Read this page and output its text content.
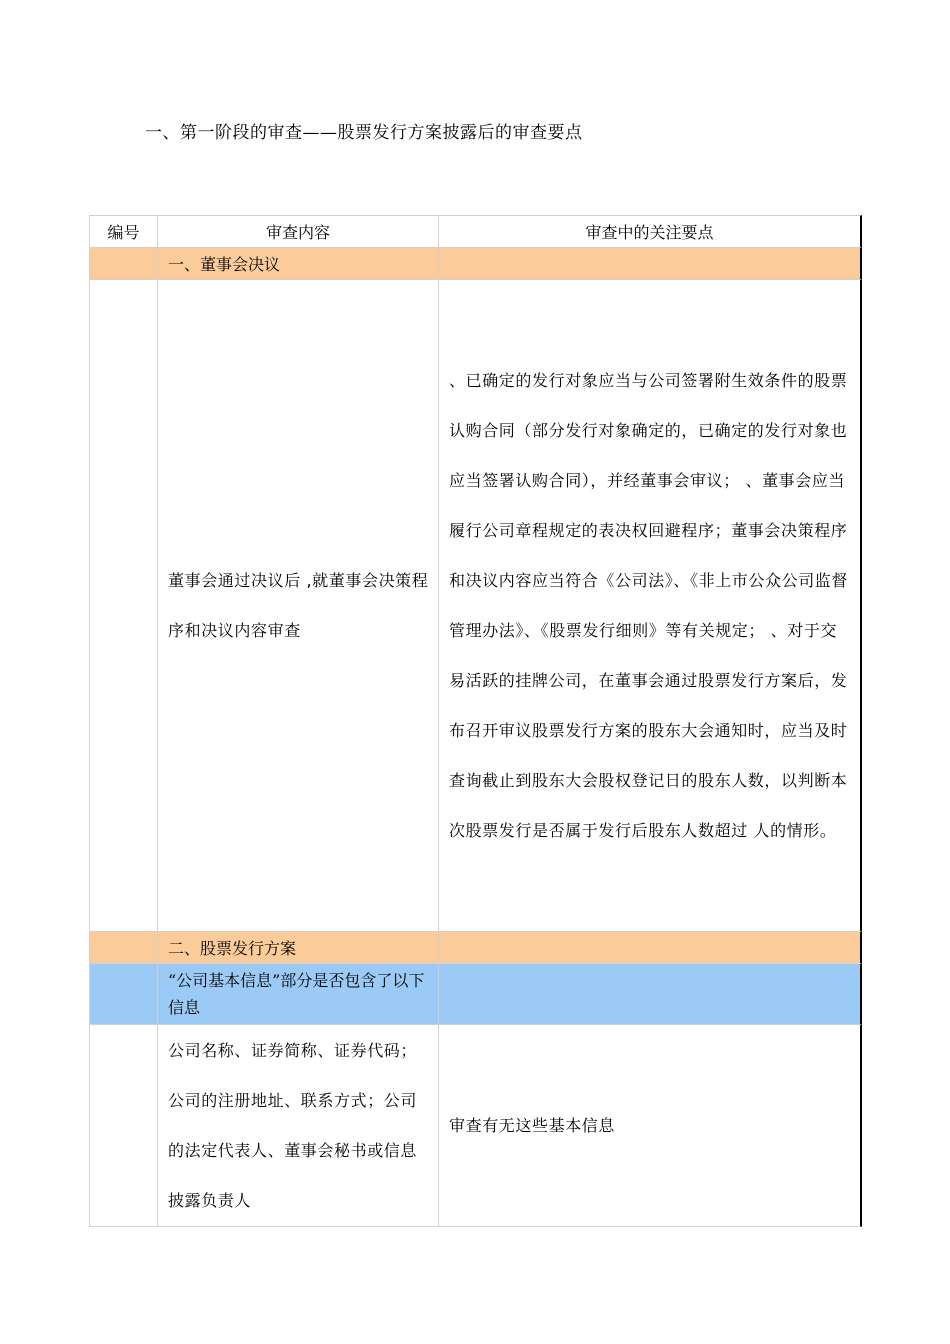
一、第一阶段的审查——股票发行方案披露后的审查要点
编号	审查内容	审查中的关注要点
	一、董事会决议	

	董事会通过决议后 ,就董事会决策程序和决议内容审查	、已确定的发行对象应当与公司签署附生效条件的股票认购合同（部分发行对象确定的，已确定的发行对象也应当签署认购合同），并经董事会审议； 、董事会应当履行公司章程规定的表决权回避程序；董事会决策程序和决议内容应当符合《公司法》、《非上市公众公司监督管理办法》、《股票发行细则》等有关规定； 、对于交易活跃的挂牌公司，在董事会通过股票发行方案后，发布召开审议股票发行方案的股东大会通知时，应当及时查询截止到股东大会股权登记日的股东人数，以判断本次股票发行是否属于发行后股东人数超过 人的情形。

	二、股票发行方案	

	“公司基本信息”部分是否包含了以下信息	

	公司名称、证券简称、证券代码；公司的注册地址、联系方式；公司的法定代表人、董事会秘书或信息披露负责人	审查有无这些基本信息
